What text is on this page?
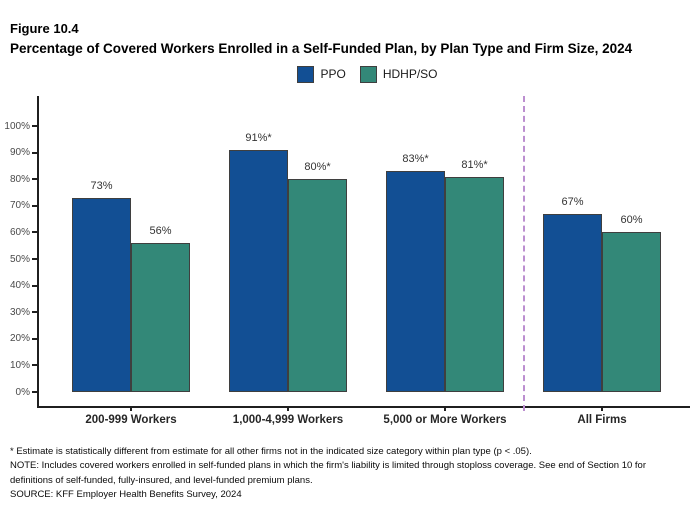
Figure 10.4
Percentage of Covered Workers Enrolled in a Self-Funded Plan, by Plan Type and Firm Size, 2024
PPO	HDHP/SO
0%
10%
20%
30%
40%
50%
60%
70%
80%
90%
100%
73%
91%*
83%*
67%
56%
80%*	81%*
60%
200-999 Workers	1,000-4,999 Workers	5,000 or More Workers	All Firms
* Estimate is statistically different from estimate for all other firms not in the indicated size category within plan type (p < .05).
NOTE: Includes covered workers enrolled in self-funded plans in which the firm's liability is limited through stoploss coverage. See end of Section 10 for definitions of self-funded, fully-insured, and level-funded premium plans.
SOURCE: KFF Employer Health Benefits Survey, 2024
